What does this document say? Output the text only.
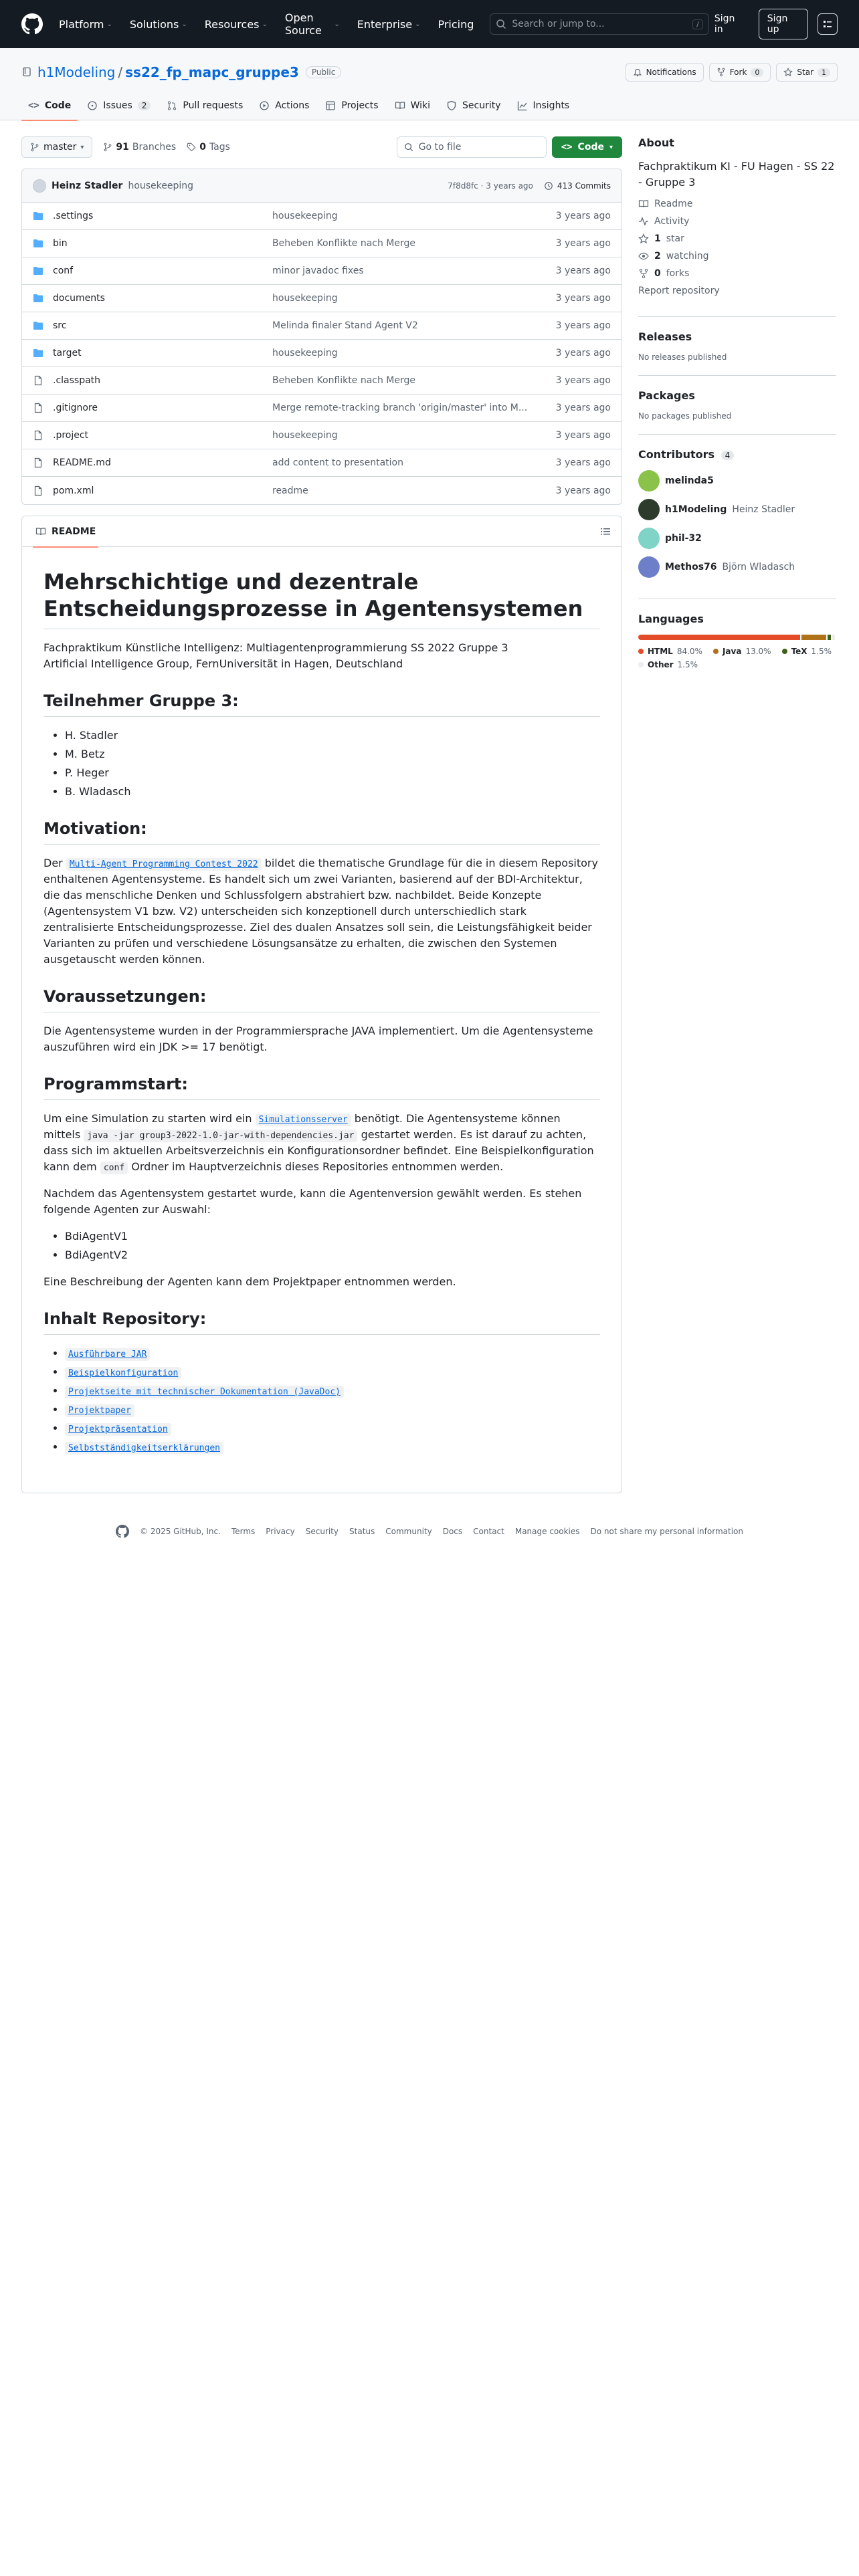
Platform ⌄ Solutions ⌄ Resources ⌄ Open Source	⌄ Enterprise ⌄ Pricing	Search or jump to...	/	Sign in
Sign up
h1Modeling / ss22_fp_mapc_gruppe3	Public	Notifications	Fork	0	Star	1
<> Code	Issues	2	Pull requests	Actions	Projects	Wiki	Security	Insights
master ▾	91 Branches	0 Tags	Go to file	<> Code ▾
Heinz Stadler housekeeping	7f8d8fc · 3 years ago	413 Commits
.settings	housekeeping	3 years ago
bin	Beheben Konflikte nach Merge	3 years ago
conf	minor javadoc fixes	3 years ago
documents	housekeeping	3 years ago
src	Melinda finaler Stand Agent V2	3 years ago
target	housekeeping	3 years ago
.classpath	Beheben Konflikte nach Merge	3 years ago
.gitignore	Merge remote-tracking branch 'origin/master' into M...	3 years ago
.project	housekeeping	3 years ago
README.md	add content to presentation	3 years ago
pom.xml	readme	3 years ago
README
Mehrschichtige und dezentrale Entscheidungsprozesse in Agentensystemen

Fachpraktikum Künstliche Intelligenz: Multiagentenprogrammierung SS 2022 Gruppe 3
Artificial Intelligence Group, FernUniversität in Hagen, Deutschland

Teilnehmer Gruppe 3:
• H. Stadler
• M. Betz
• P. Heger
• B. Wladasch
Motivation:

Der Multi-Agent Programming Contest 2022 bildet die thematische Grundlage für die in diesem Repository enthaltenen Agentensysteme. Es handelt sich um zwei Varianten, basierend auf der BDI-Architektur, die das menschliche Denken und Schlussfolgern abstrahiert bzw. nachbildet. Beide Konzepte (Agentensystem V1 bzw. V2) unterscheiden sich konzeptionell durch unterschiedlich stark zentralisierte Entscheidungsprozesse. Ziel des dualen Ansatzes soll sein, die Leistungsfähigkeit beider Varianten zu prüfen und verschiedene Lösungsansätze zu erhalten, die zwischen den Systemen ausgetauscht werden können.

Voraussetzungen:

Die Agentensysteme wurden in der Programmiersprache JAVA implementiert. Um die Agentensysteme auszuführen wird ein JDK >= 17 benötigt.

Programmstart:

Um eine Simulation zu starten wird ein Simulationsserver benötigt. Die Agentensysteme können mittels java -jar group3-2022-1.0-jar-with-dependencies.jar gestartet werden. Es ist darauf zu achten, dass sich im aktuellen Arbeitsverzeichnis ein Konfigurationsordner befindet. Eine Beispielkonfiguration kann dem conf Ordner im Hauptverzeichnis dieses Repositories entnommen werden.

Nachdem das Agentensystem gestartet wurde, kann die Agentenversion gewählt werden. Es stehen folgende Agenten zur Auswahl:

• BdiAgentV1
• BdiAgentV2

Eine Beschreibung der Agenten kann dem Projektpaper entnommen werden.

Inhalt Repository:
• Ausführbare JAR
• Beispielkonfiguration
• Projektseite mit technischer Dokumentation (JavaDoc)
• Projektpaper
• Projektpräsentation
• Selbstständigkeitserklärungen
About
Fachpraktikum KI - FU Hagen - SS 22 - Gruppe 3
Readme
Activity
1 star
2 watching
0 forks
Report repository
Releases
No releases published
Packages
No packages published
Contributors 4
melinda5
h1Modeling Heinz Stadler
phil-32
Methos76 Björn Wladasch
Languages
HTML 84.0%	Java 13.0%	TeX 1.5%
Other 1.5%
© 2025 GitHub, Inc. Terms Privacy Security Status Community Docs Contact Manage cookies Do not share my personal information
